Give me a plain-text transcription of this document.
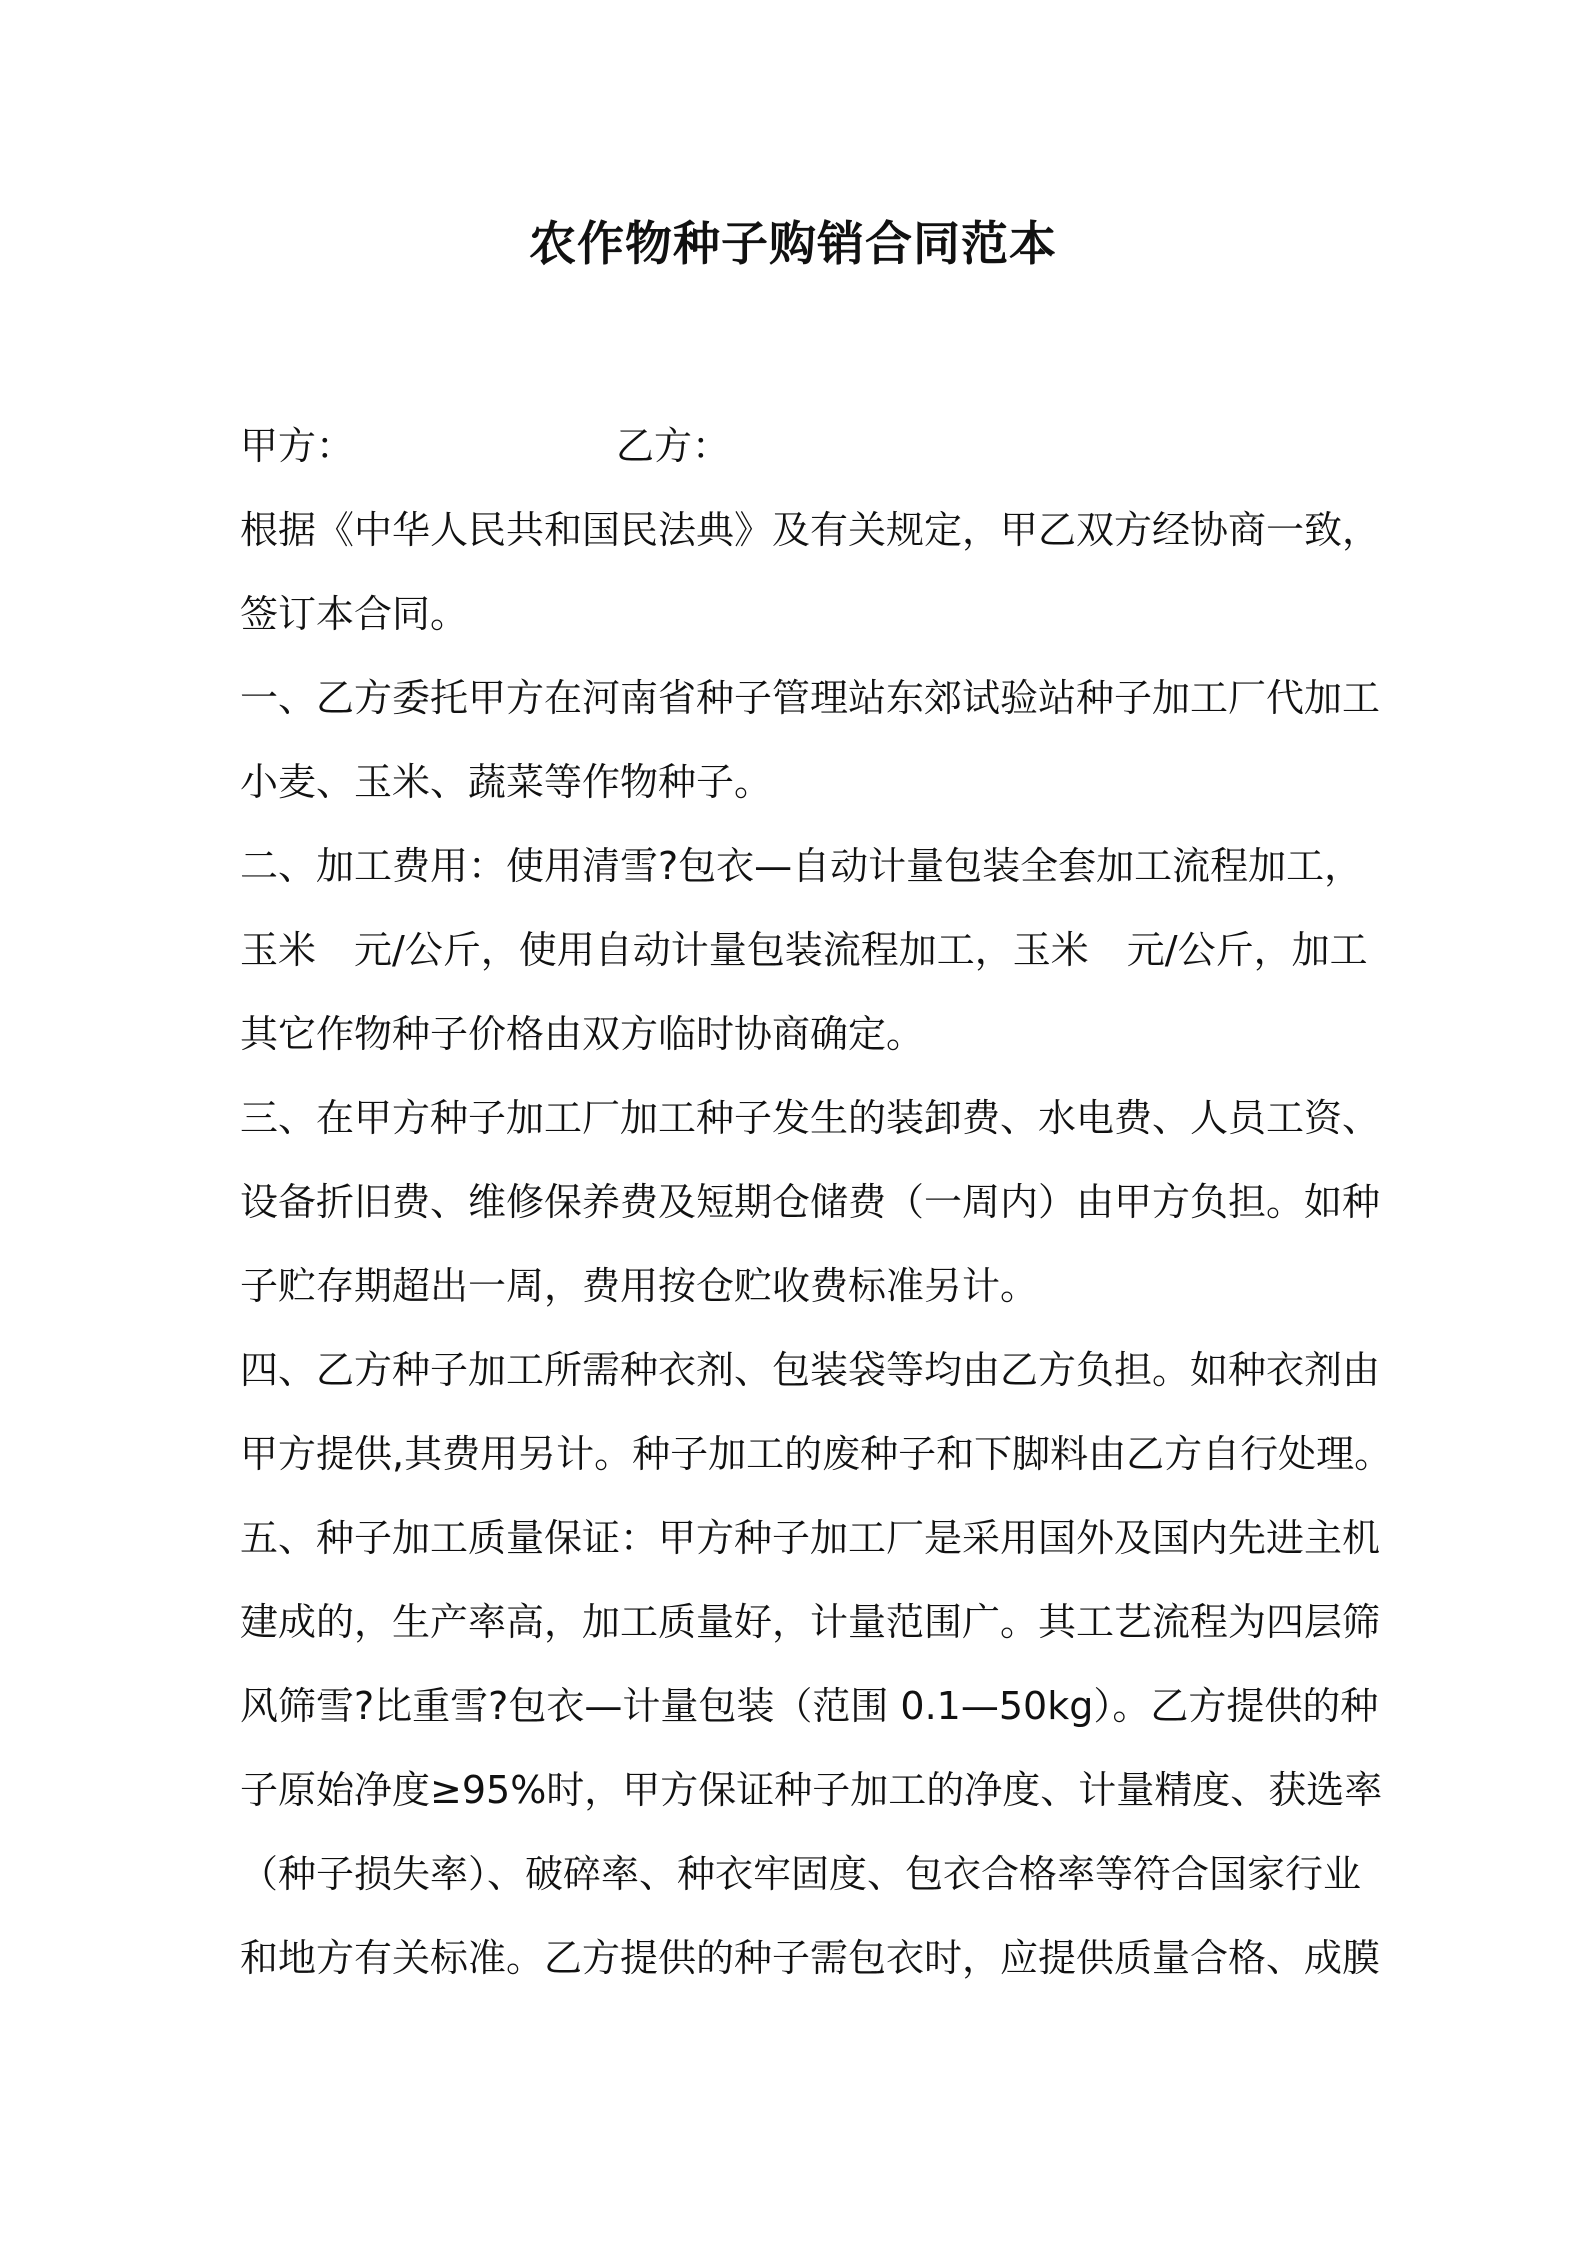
农作物种子购销合同范本
甲方：	乙方：
根据《中华人民共和国民法典》及有关规定，甲乙双方经协商一致，
签订本合同。
一、乙方委托甲方在河南省种子管理站东郊试验站种子加工厂代加工
小麦、玉米、蔬菜等作物种子。
二、加工费用：使用清雪?包衣—自动计量包装全套加工流程加工，
玉米　元/公斤，使用自动计量包装流程加工，玉米　元/公斤，加工
其它作物种子价格由双方临时协商确定。
三、在甲方种子加工厂加工种子发生的装卸费、水电费、人员工资、
设备折旧费、维修保养费及短期仓储费（一周内）由甲方负担。如种
子贮存期超出一周，费用按仓贮收费标准另计。
四、乙方种子加工所需种衣剂、包装袋等均由乙方负担。如种衣剂由
甲方提供,其费用另计。种子加工的废种子和下脚料由乙方自行处理。
五、种子加工质量保证：甲方种子加工厂是采用国外及国内先进主机
建成的，生产率高，加工质量好，计量范围广。其工艺流程为四层筛
风筛雪?比重雪?包衣—计量包装（范围 0.1—50kg）。乙方提供的种
子原始净度≥95%时，甲方保证种子加工的净度、计量精度、获选率
（种子损失率）、破碎率、种衣牢固度、包衣合格率等符合国家行业
和地方有关标准。乙方提供的种子需包衣时，应提供质量合格、成膜
